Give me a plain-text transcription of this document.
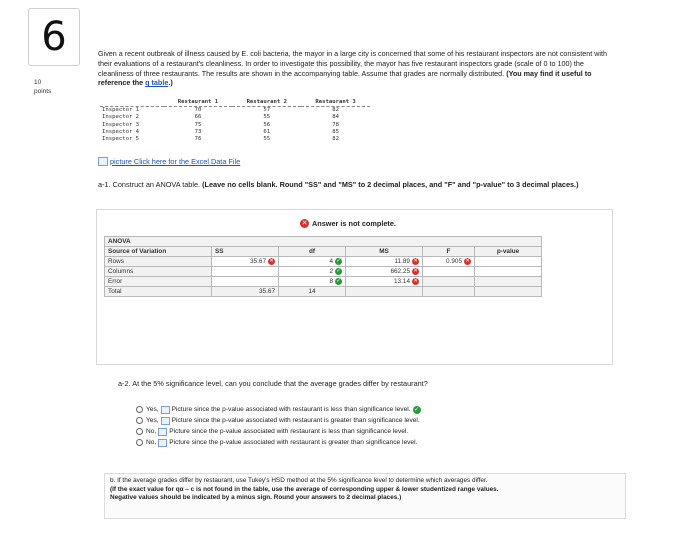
6
10
points
Given a recent outbreak of illness caused by E. coli bacteria, the mayor in a large city is concerned that some of his restaurant inspectors are not consistent with their evaluations of a restaurant's cleanliness. In order to investigate this possibility, the mayor has five restaurant inspectors grade (scale of 0 to 100) the cleanliness of three restaurants. The results are shown in the accompanying table. Assume that grades are normally distributed. (You may find it useful to reference the q table.)
	Restaurant 1	Restaurant 2	Restaurant 3
Inspector 1	70	57	82
Inspector 2	66	55	84
Inspector 3	75	56	78
Inspector 4	73	61	85
Inspector 5	76	55	82
picture Click here for the Excel Data File
a-1. Construct an ANOVA table. (Leave no cells blank. Round "SS" and "MS" to 2 decimal places, and "F" and "p-value" to 3 decimal places.)
✕ Answer is not complete.
ANOVA					
Source of Variation	SS	df	MS	F	p-value
Rows	35.67 ✕	4 ✓	11.89 ✕	0.905 ✕	

Columns		2 ✓	662.25 ✕		

Error		8 ✓	13.14 ✕		

Total	35.67	14			
a-2. At the 5% significance level, can you conclude that the average grades differ by restaurant?
Yes, Picture since the p-value associated with restaurant is less than significance level. ✓
Yes, Picture since the p-value associated with restaurant is greater than significance level.
No, Picture since the p-value associated with restaurant is less than significance level.
No, Picture since the p-value associated with restaurant is greater than significance level.
b. If the average grades differ by restaurant, use Tukey's HSD method at the 5% significance level to determine which averages differ.
(If the exact value for qα – c is not found in the table, use the average of corresponding upper & lower studentized range values.
Negative values should be indicated by a minus sign. Round your answers to 2 decimal places.)
